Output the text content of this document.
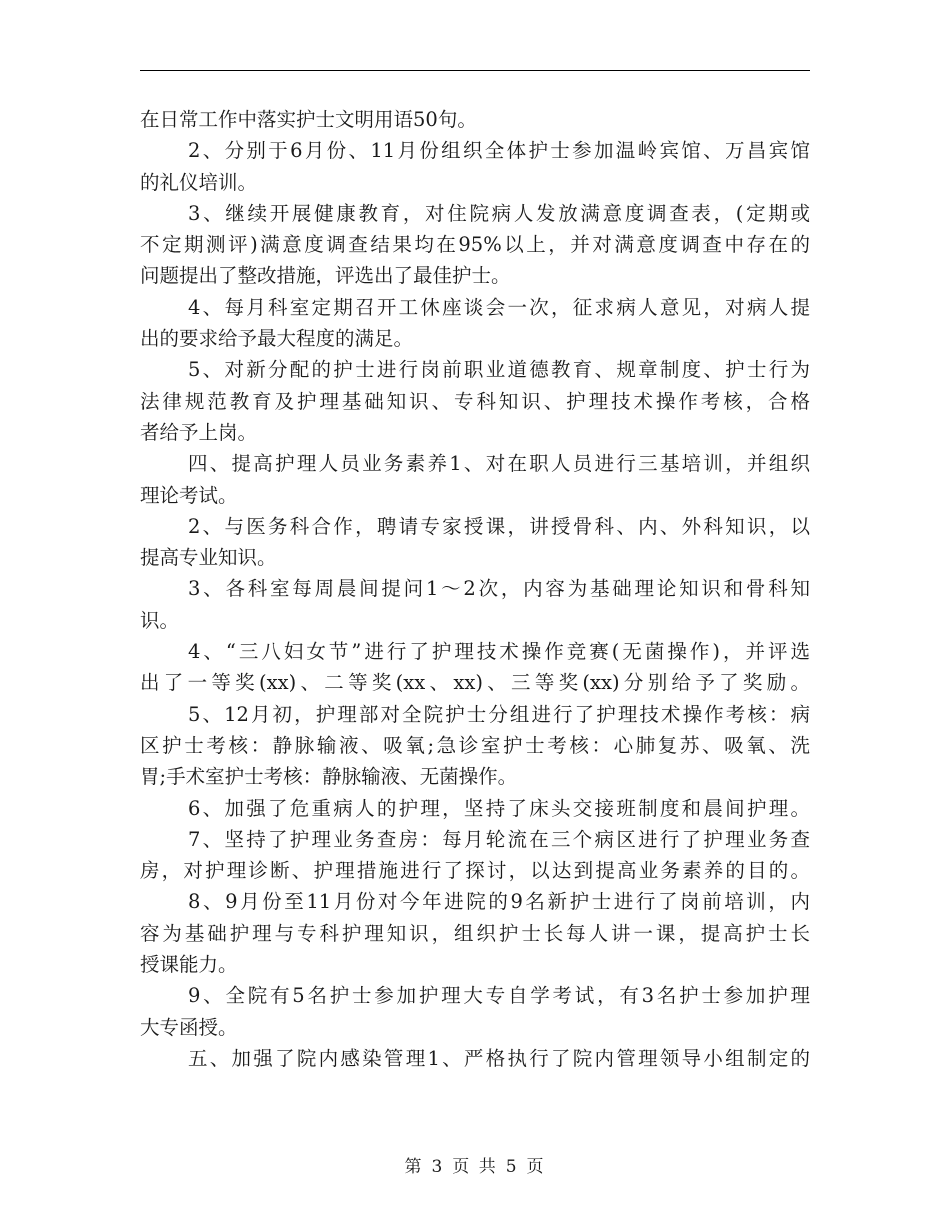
在日常工作中落实护士文明用语50句。
2、分别于6月份、11月份组织全体护士参加温岭宾馆、万昌宾馆
的礼仪培训。
3、继续开展健康教育，对住院病人发放满意度调查表，(定期或
不定期测评)满意度调查结果均在95%以上，并对满意度调查中存在的
问题提出了整改措施，评选出了最佳护士。
4、每月科室定期召开工休座谈会一次，征求病人意见，对病人提
出的要求给予最大程度的满足。
5、对新分配的护士进行岗前职业道德教育、规章制度、护士行为
法律规范教育及护理基础知识、专科知识、护理技术操作考核，合格
者给予上岗。
四、提高护理人员业务素养1、对在职人员进行三基培训，并组织
理论考试。
2、与医务科合作，聘请专家授课，讲授骨科、内、外科知识，以
提高专业知识。
3、各科室每周晨间提问1～2次，内容为基础理论知识和骨科知
识。
4、“三八妇女节”进行了护理技术操作竞赛(无菌操作)，并评选
出了一等奖(xx)、二等奖(xx、xx)、三等奖(xx)分别给予了奖励。
5、12月初，护理部对全院护士分组进行了护理技术操作考核：病
区护士考核：静脉输液、吸氧;急诊室护士考核：心肺复苏、吸氧、洗
胃;手术室护士考核：静脉输液、无菌操作。
6、加强了危重病人的护理，坚持了床头交接班制度和晨间护理。
7、坚持了护理业务查房：每月轮流在三个病区进行了护理业务查
房，对护理诊断、护理措施进行了探讨，以达到提高业务素养的目的。
8、9月份至11月份对今年进院的9名新护士进行了岗前培训，内
容为基础护理与专科护理知识，组织护士长每人讲一课，提高护士长
授课能力。
9、全院有5名护士参加护理大专自学考试，有3名护士参加护理
大专函授。
五、加强了院内感染管理1、严格执行了院内管理领导小组制定的
第 3 页 共 5 页
